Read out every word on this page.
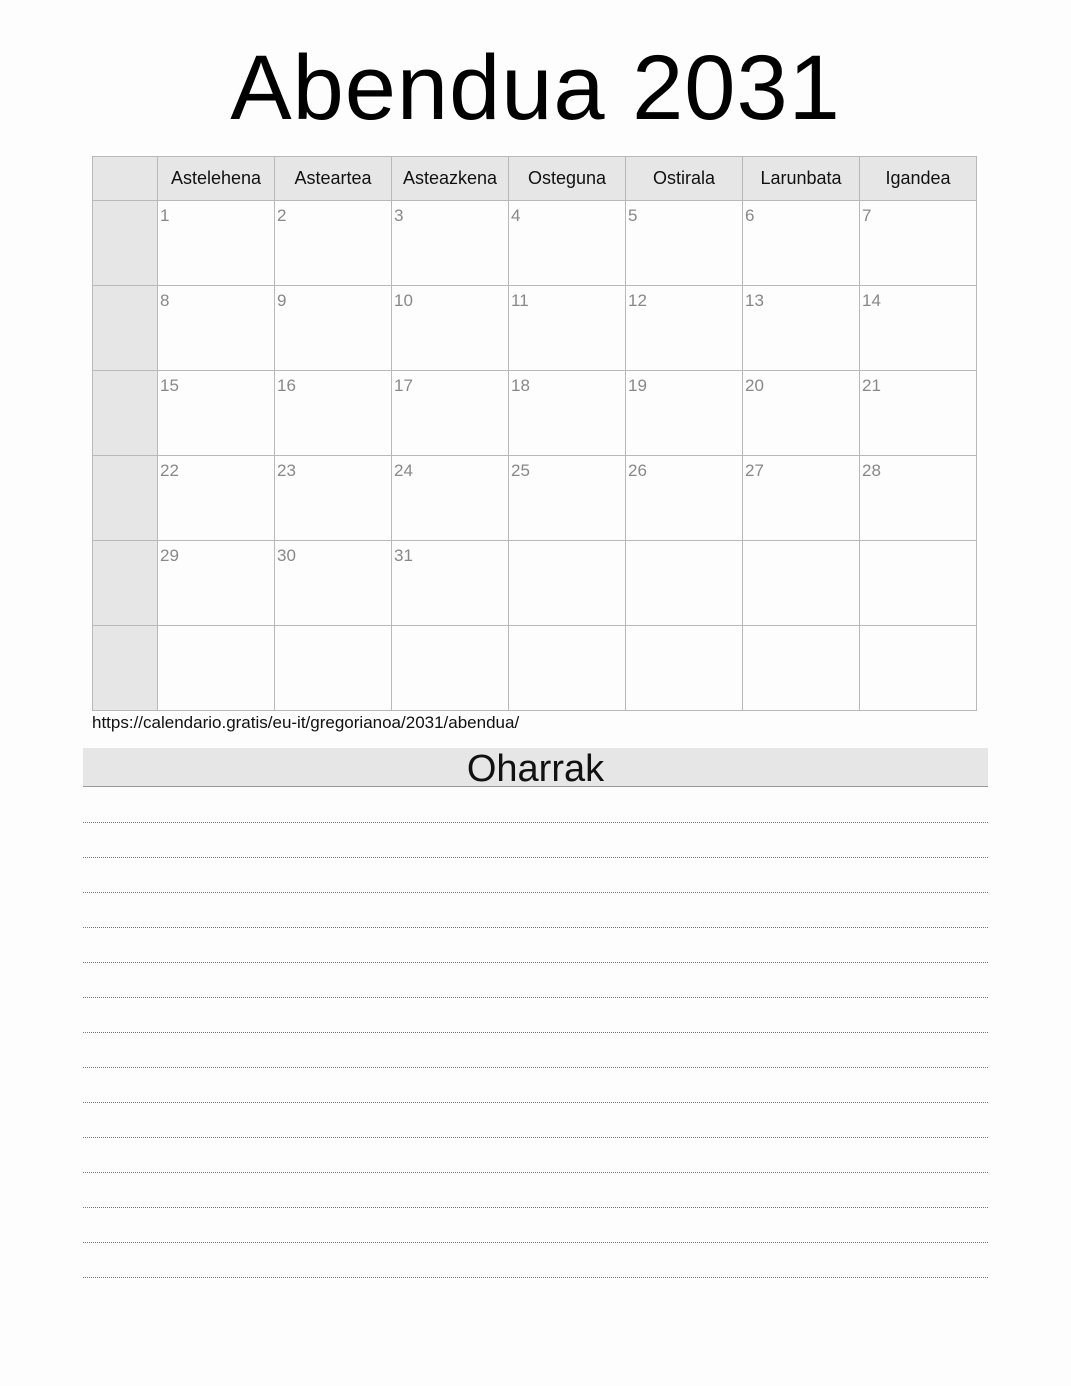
Abendua 2031
	Astelehena	Asteartea	Asteazkena	Osteguna	Ostirala	Larunbata	Igandea

	1	2	3	4	5	6	7

	8	9	10	11	12	13	14

	15	16	17	18	19	20	21

	22	23	24	25	26	27	28

	29	30	31				

https://calendario.gratis/eu-it/gregorianoa/2031/abendua/
Oharrak
